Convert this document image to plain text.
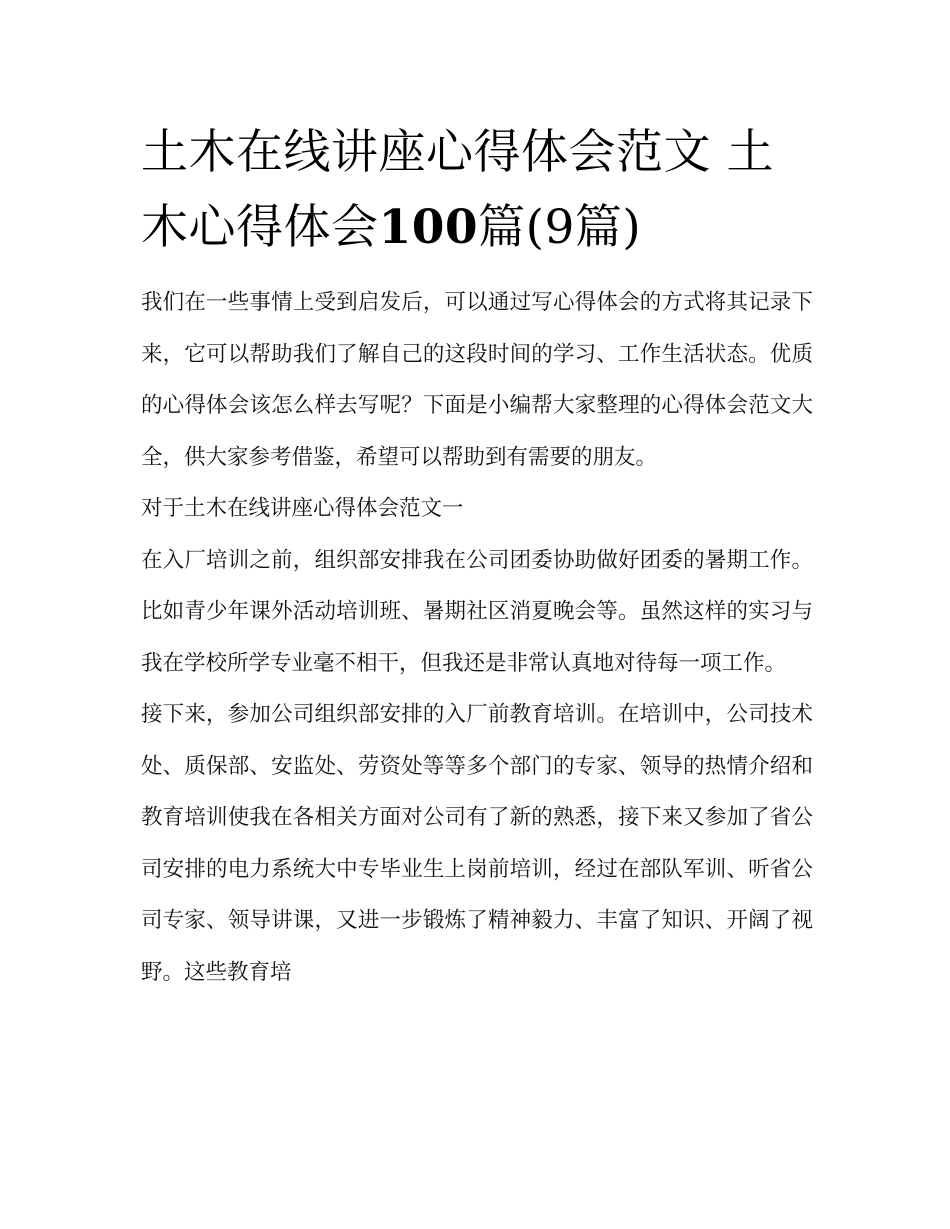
土木在线讲座心得体会范文 土木心得体会100篇(9篇)

我们在一些事情上受到启发后，可以通过写心得体会的方式将其记录下来，它可以帮助我们了解自己的这段时间的学习、工作生活状态。优质的心得体会该怎么样去写呢？下面是小编帮大家整理的心得体会范文大全，供大家参考借鉴，希望可以帮助到有需要的朋友。

对于土木在线讲座心得体会范文一

在入厂培训之前，组织部安排我在公司团委协助做好团委的暑期工作。比如青少年课外活动培训班、暑期社区消夏晚会等。虽然这样的实习与我在学校所学专业毫不相干，但我还是非常认真地对待每一项工作。

接下来，参加公司组织部安排的入厂前教育培训。在培训中，公司技术处、质保部、安监处、劳资处等等多个部门的专家、领导的热情介绍和教育培训使我在各相关方面对公司有了新的熟悉，接下来又参加了省公司安排的电力系统大中专毕业生上岗前培训，经过在部队军训、听省公司专家、领导讲课，又进一步锻炼了精神毅力、丰富了知识、开阔了视野。这些教育培
